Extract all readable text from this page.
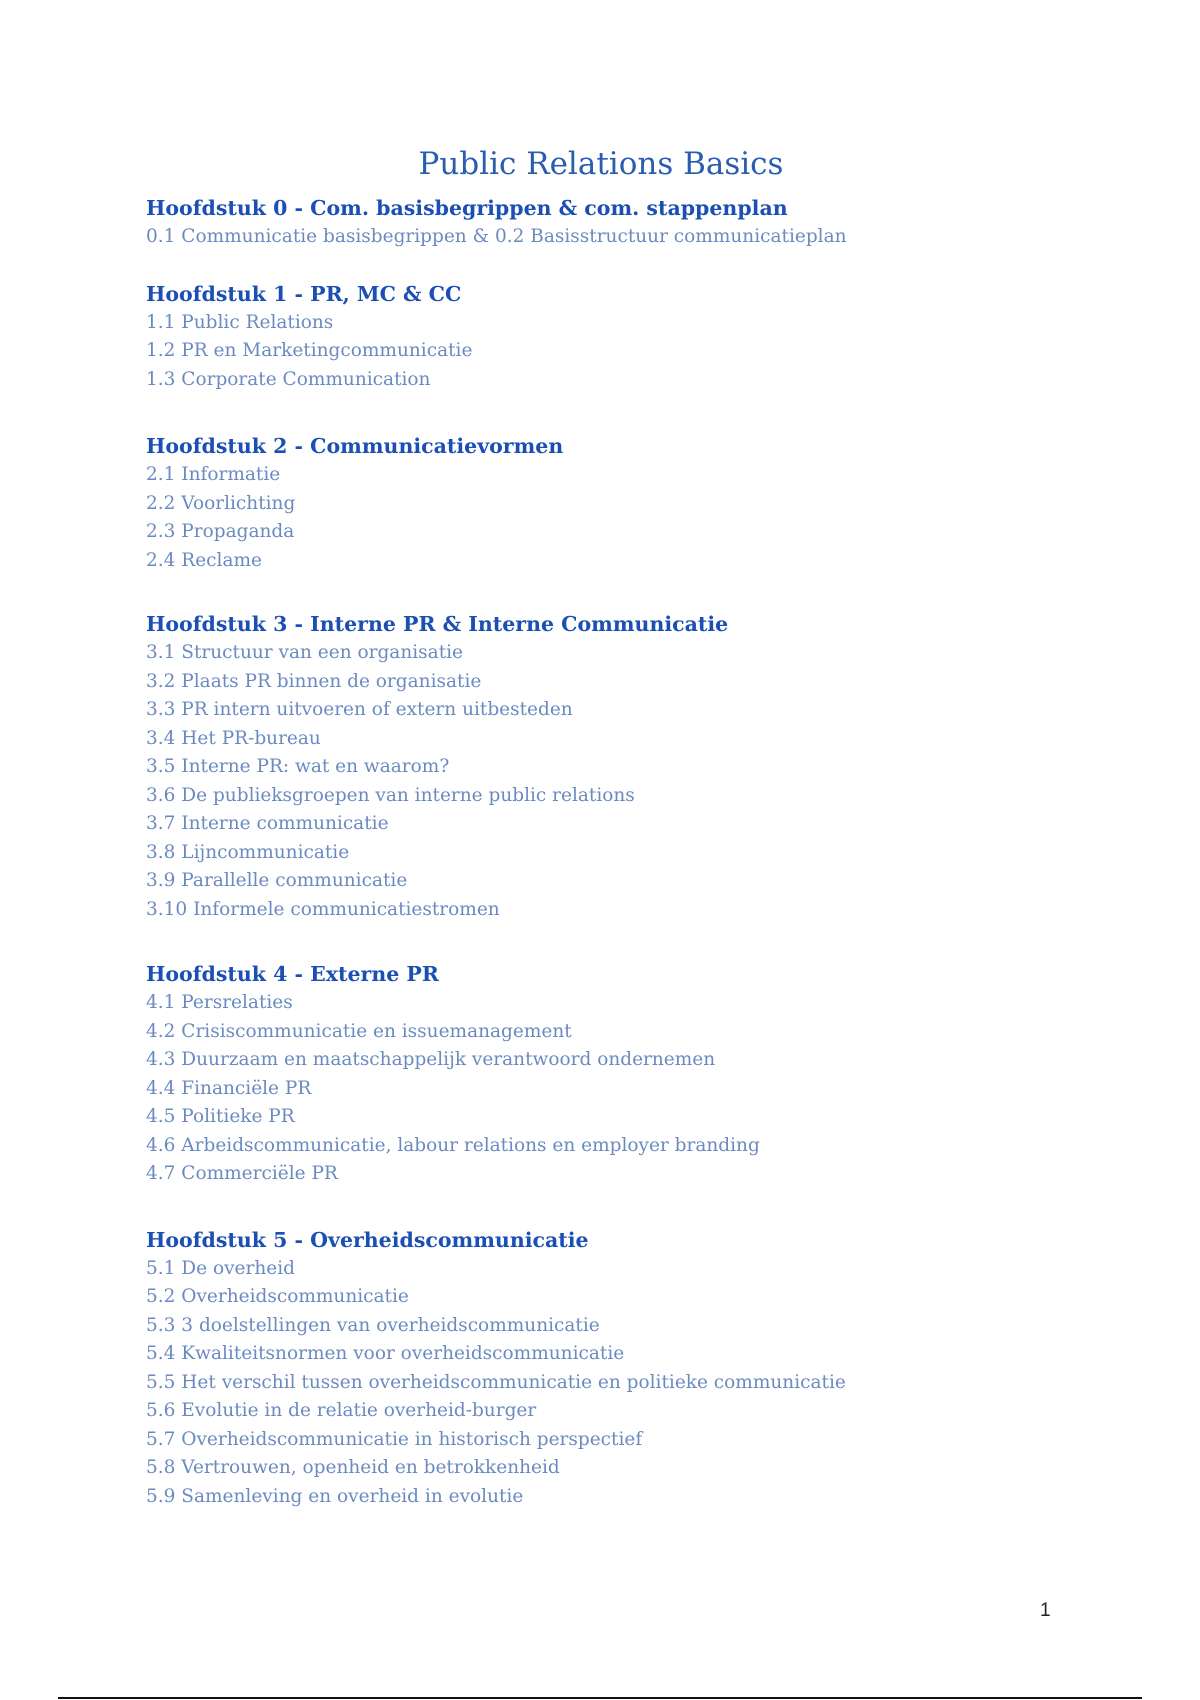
Public Relations Basics
Hoofdstuk 0 - Com. basisbegrippen & com. stappenplan
0.1 Communicatie basisbegrippen & 0.2 Basisstructuur communicatieplan
Hoofdstuk 1 - PR, MC & CC
1.1 Public Relations
1.2 PR en Marketingcommunicatie
1.3 Corporate Communication
Hoofdstuk 2 - Communicatievormen
2.1 Informatie
2.2 Voorlichting
2.3 Propaganda
2.4 Reclame
Hoofdstuk 3 - Interne PR & Interne Communicatie
3.1 Structuur van een organisatie
3.2 Plaats PR binnen de organisatie
3.3 PR intern uitvoeren of extern uitbesteden
3.4 Het PR-bureau
3.5 Interne PR: wat en waarom?
3.6 De publieksgroepen van interne public relations
3.7 Interne communicatie
3.8 Lijncommunicatie
3.9 Parallelle communicatie
3.10 Informele communicatiestromen
Hoofdstuk 4 - Externe PR
4.1 Persrelaties
4.2 Crisiscommunicatie en issuemanagement
4.3 Duurzaam en maatschappelijk verantwoord ondernemen
4.4 Financiële PR
4.5 Politieke PR
4.6 Arbeidscommunicatie, labour relations en employer branding
4.7 Commerciële PR
Hoofdstuk 5 - Overheidscommunicatie
5.1 De overheid
5.2 Overheidscommunicatie
5.3 3 doelstellingen van overheidscommunicatie
5.4 Kwaliteitsnormen voor overheidscommunicatie
5.5 Het verschil tussen overheidscommunicatie en politieke communicatie
5.6 Evolutie in de relatie overheid-burger
5.7 Overheidscommunicatie in historisch perspectief
5.8 Vertrouwen, openheid en betrokkenheid
5.9 Samenleving en overheid in evolutie
1
